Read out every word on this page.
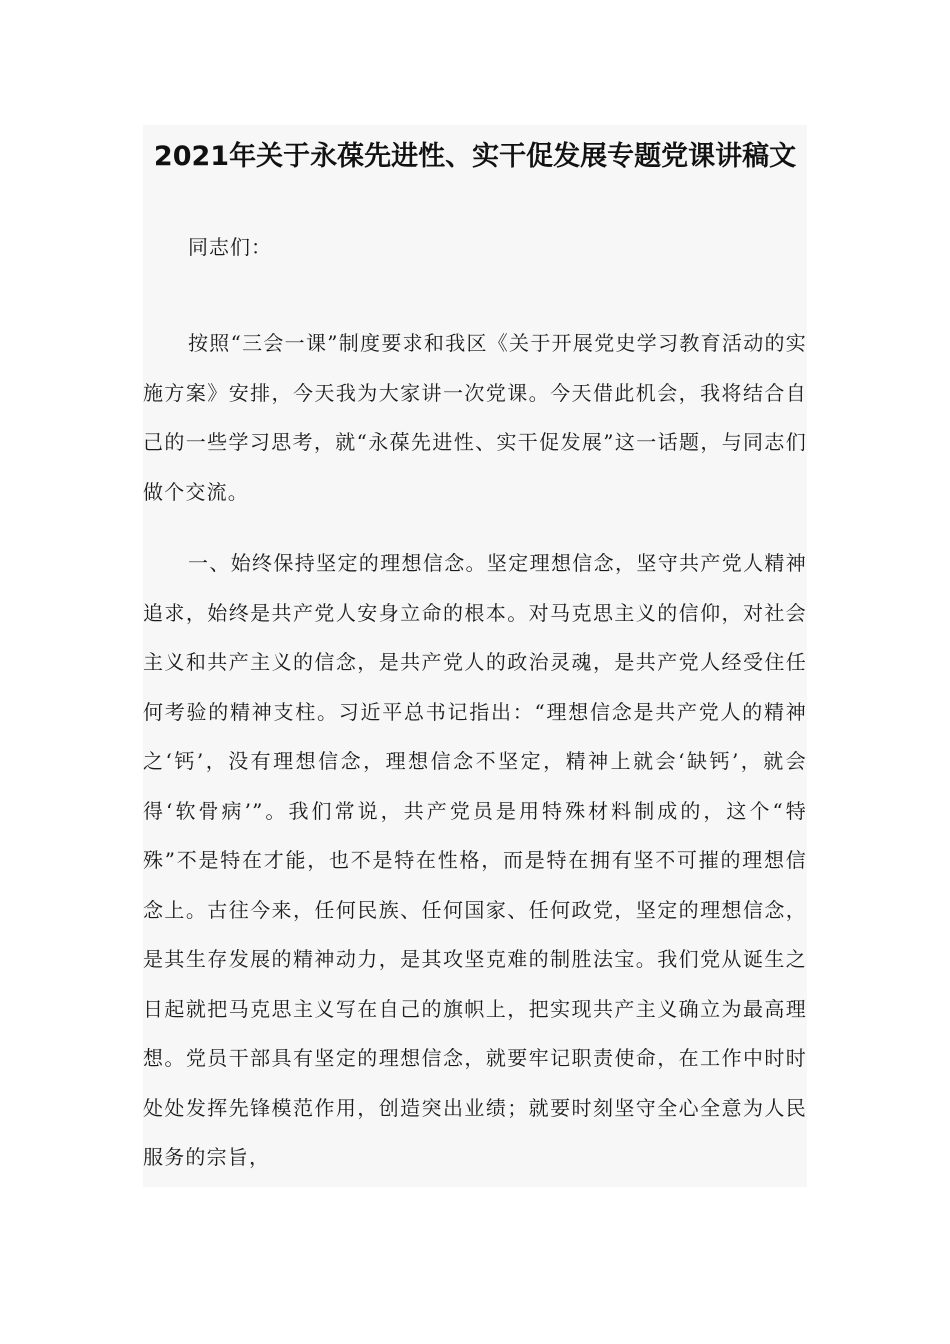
2021年关于永葆先进性、实干促发展专题党课讲稿文

同志们：

按照“三会一课”制度要求和我区《关于开展党史学习教育活动的实施方案》安排，今天我为大家讲一次党课。今天借此机会，我将结合自己的一些学习思考，就“永葆先进性、实干促发展”这一话题，与同志们做个交流。

一、始终保持坚定的理想信念。坚定理想信念，坚守共产党人精神追求，始终是共产党人安身立命的根本。对马克思主义的信仰，对社会主义和共产主义的信念，是共产党人的政治灵魂，是共产党人经受住任何考验的精神支柱。习近平总书记指出：“理想信念是共产党人的精神之‘钙’，没有理想信念，理想信念不坚定，精神上就会‘缺钙’，就会得‘软骨病’”。我们常说，共产党员是用特殊材料制成的，这个“特殊”不是特在才能，也不是特在性格，而是特在拥有坚不可摧的理想信念上。古往今来，任何民族、任何国家、任何政党，坚定的理想信念，是其生存发展的精神动力，是其攻坚克难的制胜法宝。我们党从诞生之日起就把马克思主义写在自己的旗帜上，把实现共产主义确立为最高理想。党员干部具有坚定的理想信念，就要牢记职责使命，在工作中时时处处发挥先锋模范作用，创造突出业绩；就要时刻坚守全心全意为人民服务的宗旨，
